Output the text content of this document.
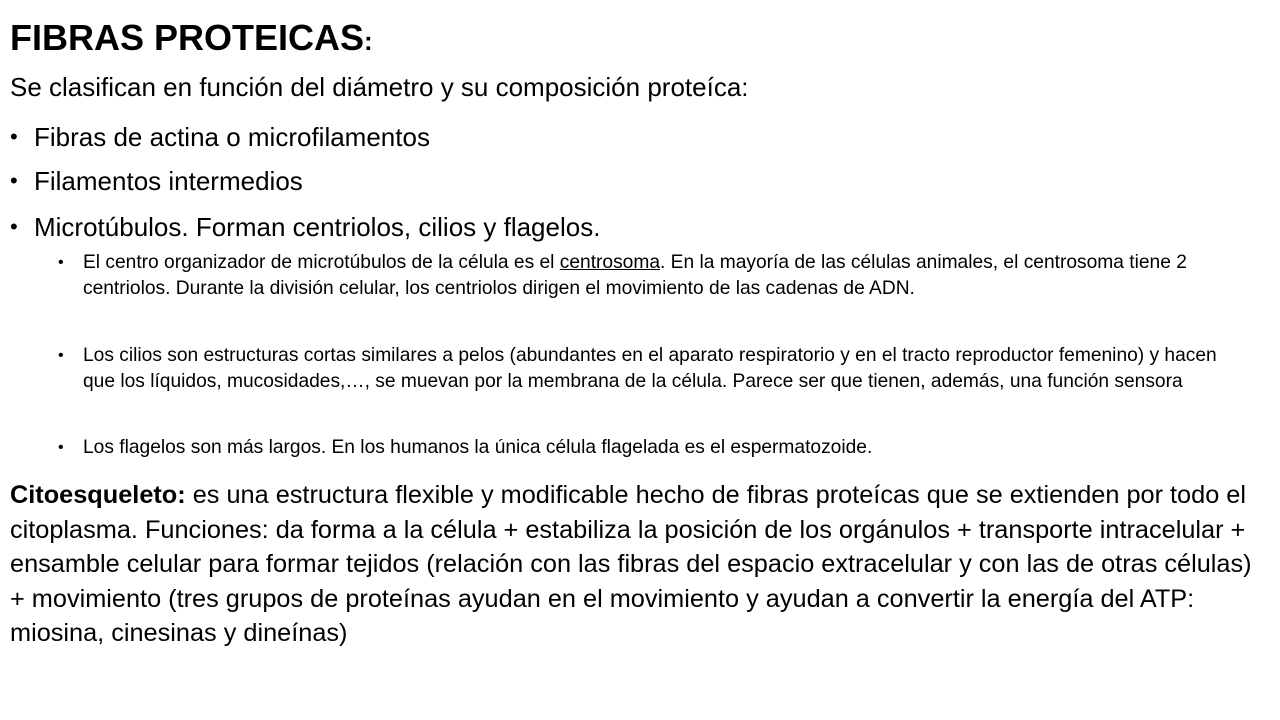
FIBRAS PROTEICAS:
Se clasifican en función del diámetro y su composición proteíca:
• Fibras de actina o microfilamentos
• Filamentos intermedios
• Microtúbulos. Forman centriolos, cilios y flagelos.
• El centro organizador de microtúbulos de la célula es el centrosoma. En la mayoría de las células animales, el centrosoma tiene 2 centriolos. Durante la división celular, los centriolos dirigen el movimiento de las cadenas de ADN.
• Los cilios son estructuras cortas similares a pelos (abundantes en el aparato respiratorio y en el tracto reproductor femenino) y hacen que los líquidos, mucosidades,…, se muevan por la membrana de la célula. Parece ser que tienen, además, una función sensora
• Los flagelos son más largos. En los humanos la única célula flagelada es el espermatozoide.
Citoesqueleto: es una estructura flexible y modificable hecho de fibras proteícas que se extienden por todo el citoplasma. Funciones: da forma a la célula + estabiliza la posición de los orgánulos + transporte intracelular + ensamble celular para formar tejidos (relación con las fibras del espacio extracelular y con las de otras células) + movimiento (tres grupos de proteínas ayudan en el movimiento y ayudan a convertir la energía del ATP: miosina, cinesinas y dineínas)
